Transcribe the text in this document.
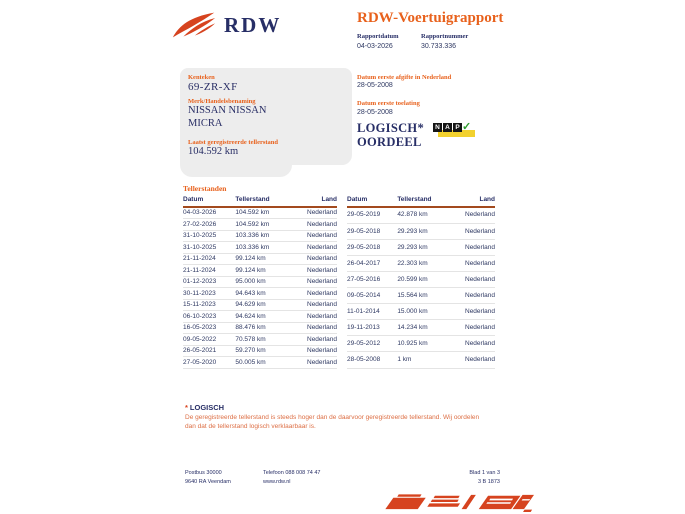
RDW	RDW-Voertuigrapport
Rapportdatum
04-03-2026
Rapportnummer
30.733.336
Kenteken
69-ZR-XF
Merk/Handelsbenaming
NISSAN NISSAN
MICRA
Laatst geregistreerde tellerstand
104.592 km
Datum eerste afgifte in Nederland
28-05-2008
Datum eerste toelating
28-05-2008
LOGISCH*
OORDEEL
N A P ✓
Tellerstanden
Datum	Tellerstand	Land
04-03-2026	104.592 km	Nederland
27-02-2026	104.592 km	Nederland
31-10-2025	103.336 km	Nederland
31-10-2025	103.336 km	Nederland
21-11-2024	99.124 km	Nederland
21-11-2024	99.124 km	Nederland
01-12-2023	95.000 km	Nederland
30-11-2023	94.643 km	Nederland
15-11-2023	94.629 km	Nederland
06-10-2023	94.624 km	Nederland
16-05-2023	88.476 km	Nederland
09-05-2022	70.578 km	Nederland
26-05-2021	59.270 km	Nederland
27-05-2020	50.005 km	Nederland
Datum	Tellerstand	Land
29-05-2019	42.878 km	Nederland
29-05-2018	29.293 km	Nederland
29-05-2018	29.293 km	Nederland
26-04-2017	22.303 km	Nederland
27-05-2016	20.599 km	Nederland
09-05-2014	15.564 km	Nederland
11-01-2014	15.000 km	Nederland
19-11-2013	14.234 km	Nederland
29-05-2012	10.925 km	Nederland
28-05-2008	1 km	Nederland
* LOGISCH
De geregistreerde tellerstand is steeds hoger dan de daarvoor geregistreerde tellerstand. Wij oordelen dan dat de tellerstand logisch verklaarbaar is.
Postbus 30000
9640 RA Veendam
Telefoon 088 008 74 47
www.rdw.nl
Blad 1 van 3
3 B 1873
